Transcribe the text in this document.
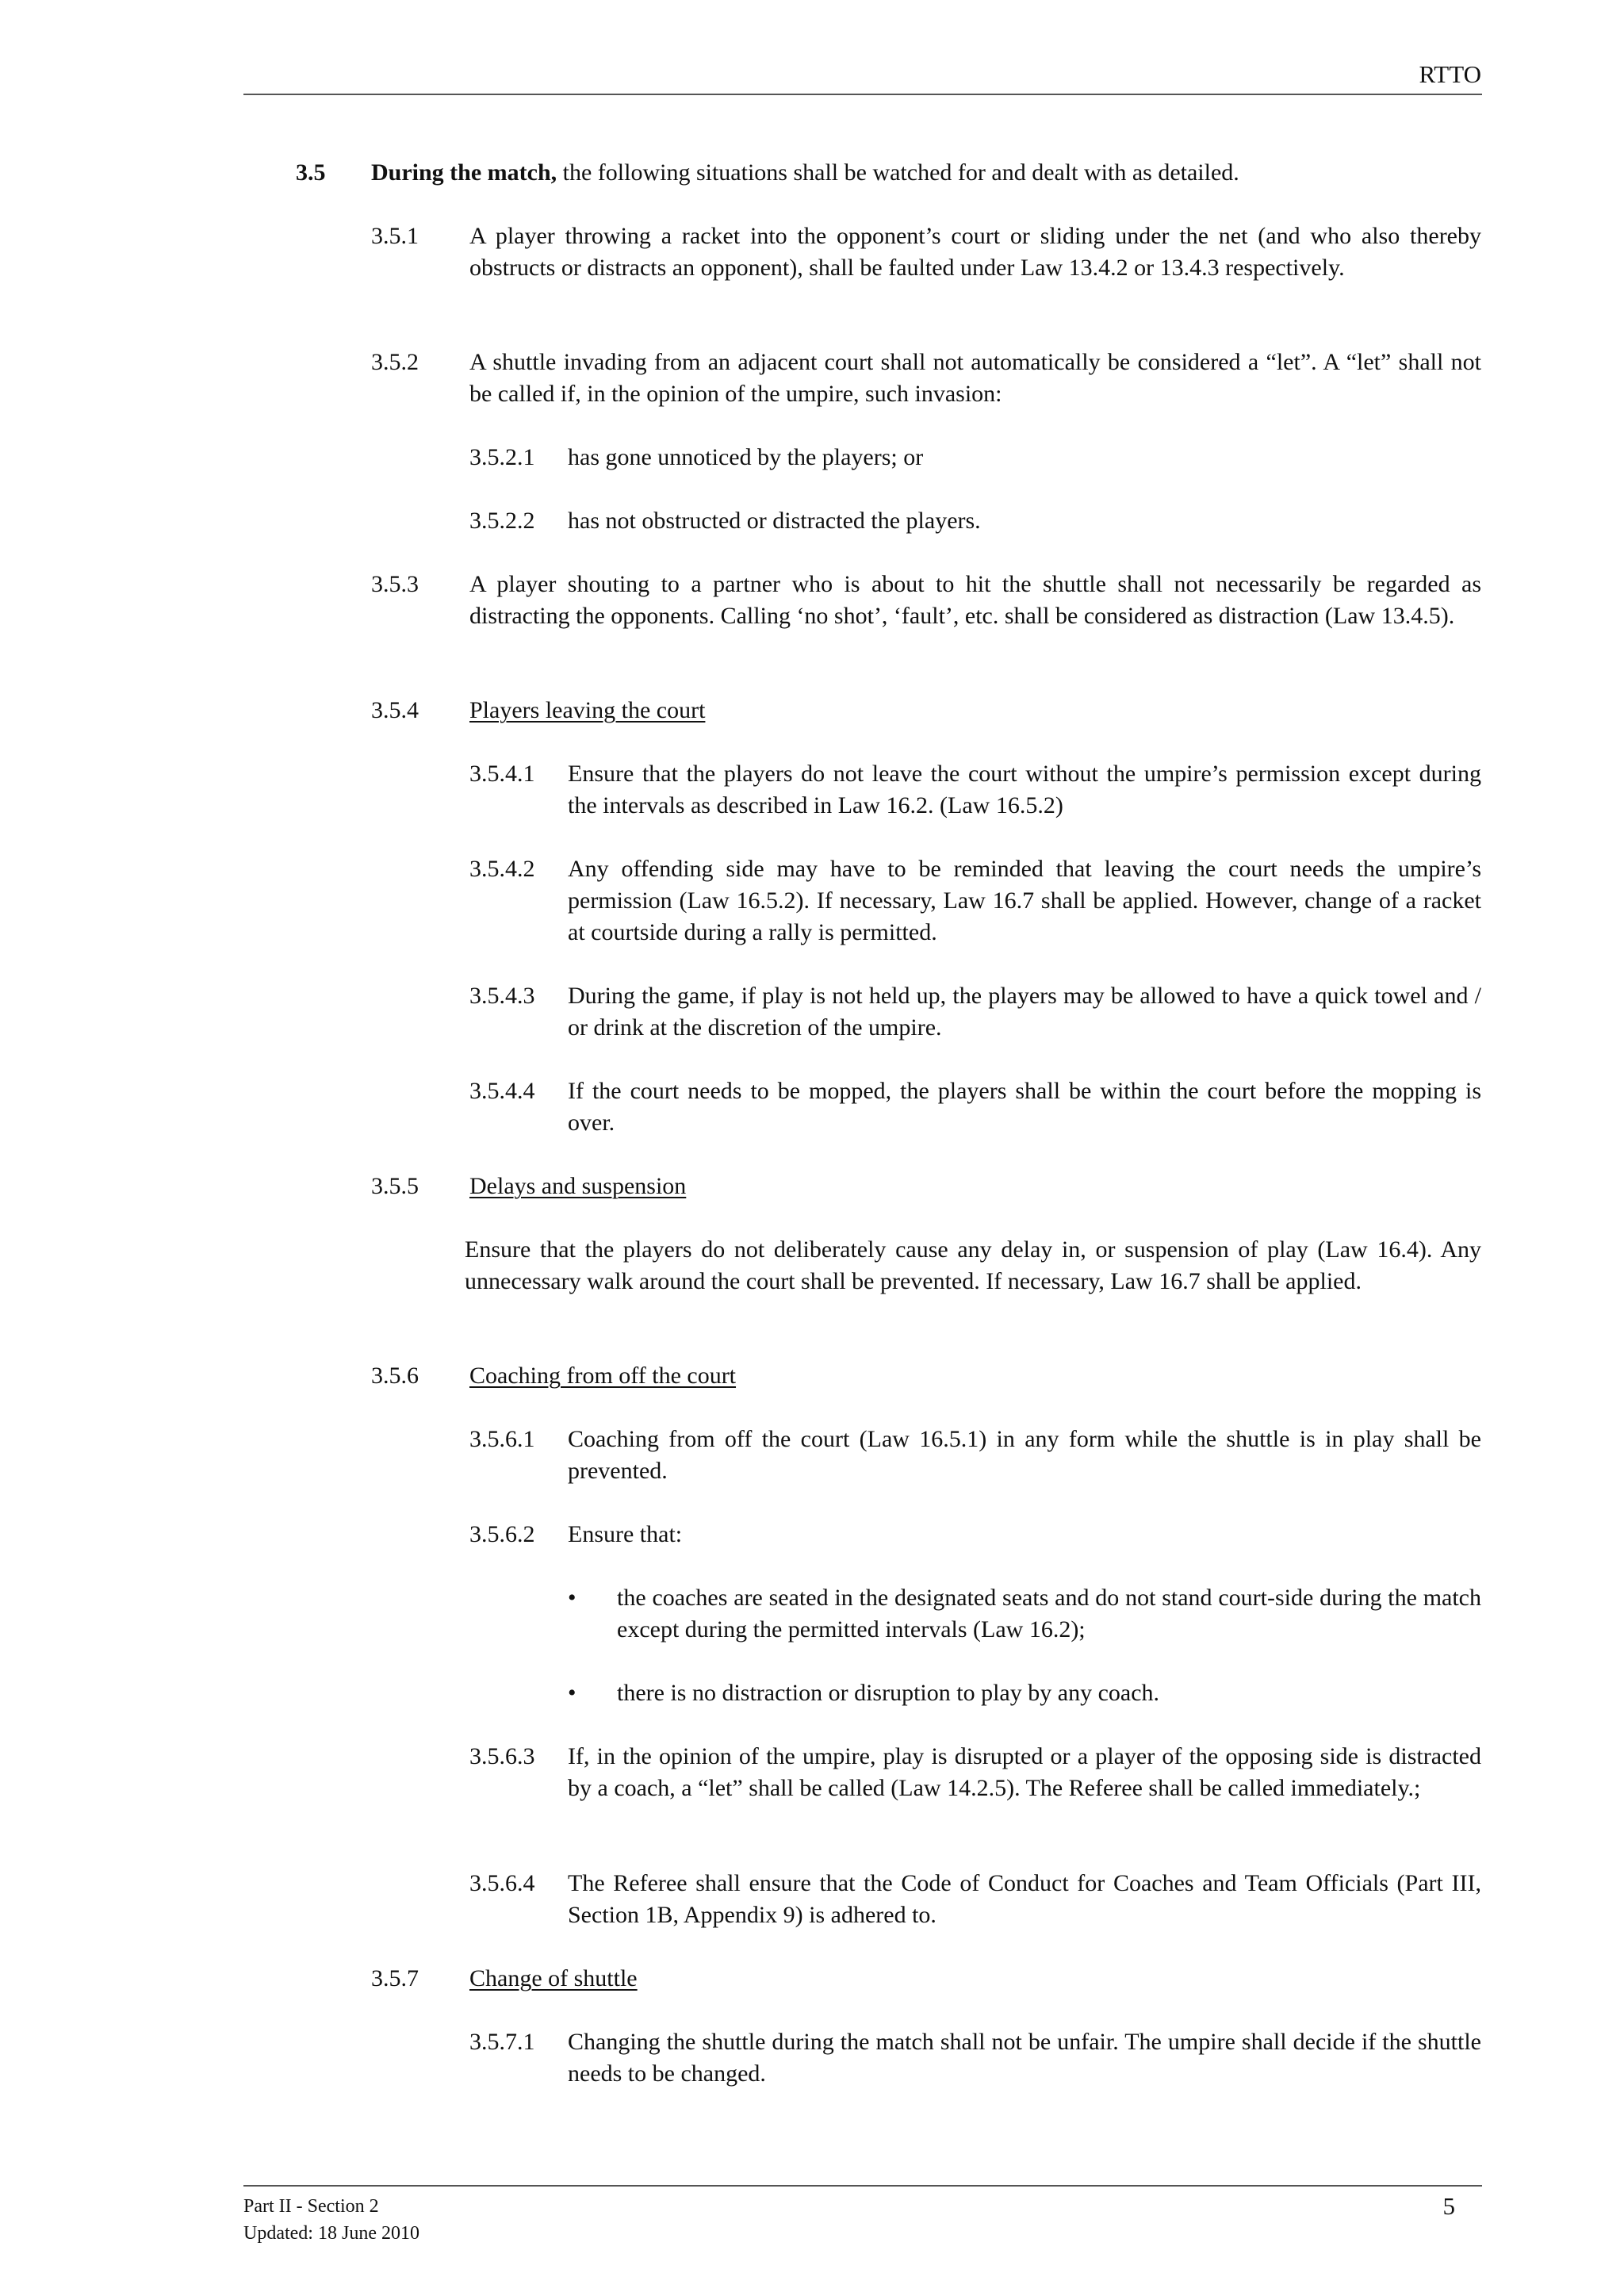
RTTO
3.5 During the match, the following situations shall be watched for and dealt with as detailed.
3.5.1 A player throwing a racket into the opponent’s court or sliding under the net (and who also thereby obstructs or distracts an opponent), shall be faulted under Law 13.4.2 or 13.4.3 respectively.
3.5.2 A shuttle invading from an adjacent court shall not automatically be considered a “let”. A “let” shall not be called if, in the opinion of the umpire, such invasion:
3.5.2.1 has gone unnoticed by the players; or
3.5.2.2 has not obstructed or distracted the players.
3.5.3 A player shouting to a partner who is about to hit the shuttle shall not necessarily be regarded as distracting the opponents. Calling ‘no shot’, ‘fault’, etc. shall be considered as distraction (Law 13.4.5).
3.5.4 Players leaving the court
3.5.4.1 Ensure that the players do not leave the court without the umpire’s permission except during the intervals as described in Law 16.2. (Law 16.5.2)
3.5.4.2 Any offending side may have to be reminded that leaving the court needs the umpire’s permission (Law 16.5.2). If necessary, Law 16.7 shall be applied. However, change of a racket at courtside during a rally is permitted.
3.5.4.3 During the game, if play is not held up, the players may be allowed to have a quick towel and / or drink at the discretion of the umpire.
3.5.4.4 If the court needs to be mopped, the players shall be within the court before the mopping is over.
3.5.5 Delays and suspension
Ensure that the players do not deliberately cause any delay in, or suspension of play (Law 16.4). Any unnecessary walk around the court shall be prevented. If necessary, Law 16.7 shall be applied.
3.5.6 Coaching from off the court
3.5.6.1 Coaching from off the court (Law 16.5.1) in any form while the shuttle is in play shall be prevented.
3.5.6.2 Ensure that:
• the coaches are seated in the designated seats and do not stand court-side during the match except during the permitted intervals (Law 16.2);
• there is no distraction or disruption to play by any coach.
3.5.6.3 If, in the opinion of the umpire, play is disrupted or a player of the opposing side is distracted by a coach, a “let” shall be called (Law 14.2.5). The Referee shall be called immediately.;
3.5.6.4 The Referee shall ensure that the Code of Conduct for Coaches and Team Officials (Part III, Section 1B, Appendix 9) is adhered to.
3.5.7 Change of shuttle
3.5.7.1 Changing the shuttle during the match shall not be unfair. The umpire shall decide if the shuttle needs to be changed.
Part II - Section 2
Updated: 18 June 2010
5
